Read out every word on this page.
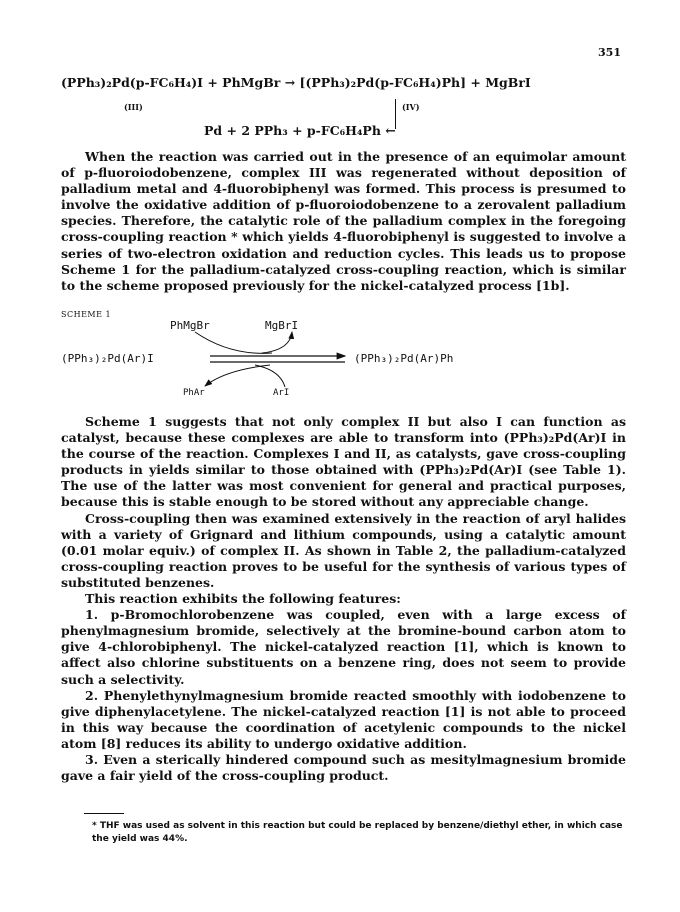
351
(PPh₃)₂Pd(p-FC₆H₄)I + PhMgBr → [(PPh₃)₂Pd(p-FC₆H₄)Ph] + MgBrI
(III)	(IV)
Pd + 2 PPh₃ + p-FC₆H₄Ph ←

When the reaction was carried out in the presence of an equimolar amount of p-fluoroiodobenzene, complex III was regenerated without deposition of palladium metal and 4-fluorobiphenyl was formed. This process is presumed to involve the oxidative addition of p-fluoroiodobenzene to a zerovalent palladium species. Therefore, the catalytic role of the palladium complex in the foregoing cross-coupling reaction * which yields 4-fluorobiphenyl is suggested to involve a series of two-electron oxidation and reduction cycles. This leads us to propose Scheme 1 for the palladium-catalyzed cross-coupling reaction, which is similar to the scheme proposed previously for the nickel-catalyzed process [1b].

SCHEME 1
PhMgBr	MgBrI
(PPh₃)₂Pd(Ar)I	(PPh₃)₂Pd(Ar)Ph
PhAr	ArI

Scheme 1 suggests that not only complex II but also I can function as catalyst, because these complexes are able to transform into (PPh₃)₂Pd(Ar)I in the course of the reaction. Complexes I and II, as catalysts, gave cross-coupling products in yields similar to those obtained with (PPh₃)₂Pd(Ar)I (see Table 1). The use of the latter was most convenient for general and practical purposes, because this is stable enough to be stored without any appreciable change.

Cross-coupling then was examined extensively in the reaction of aryl halides with a variety of Grignard and lithium compounds, using a catalytic amount (0.01 molar equiv.) of complex II. As shown in Table 2, the palladium-catalyzed cross-coupling reaction proves to be useful for the synthesis of various types of substituted benzenes.

This reaction exhibits the following features:

1. p-Bromochlorobenzene was coupled, even with a large excess of phenylmagnesium bromide, selectively at the bromine-bound carbon atom to give 4-chlorobiphenyl. The nickel-catalyzed reaction [1], which is known to affect also chlorine substituents on a benzene ring, does not seem to provide such a selectivity.

2. Phenylethynylmagnesium bromide reacted smoothly with iodobenzene to give diphenylacetylene. The nickel-catalyzed reaction [1] is not able to proceed in this way because the coordination of acetylenic compounds to the nickel atom [8] reduces its ability to undergo oxidative addition.

3. Even a sterically hindered compound such as mesitylmagnesium bromide gave a fair yield of the cross-coupling product.

* THF was used as solvent in this reaction but could be replaced by benzene/diethyl ether, in which case the yield was 44%.
